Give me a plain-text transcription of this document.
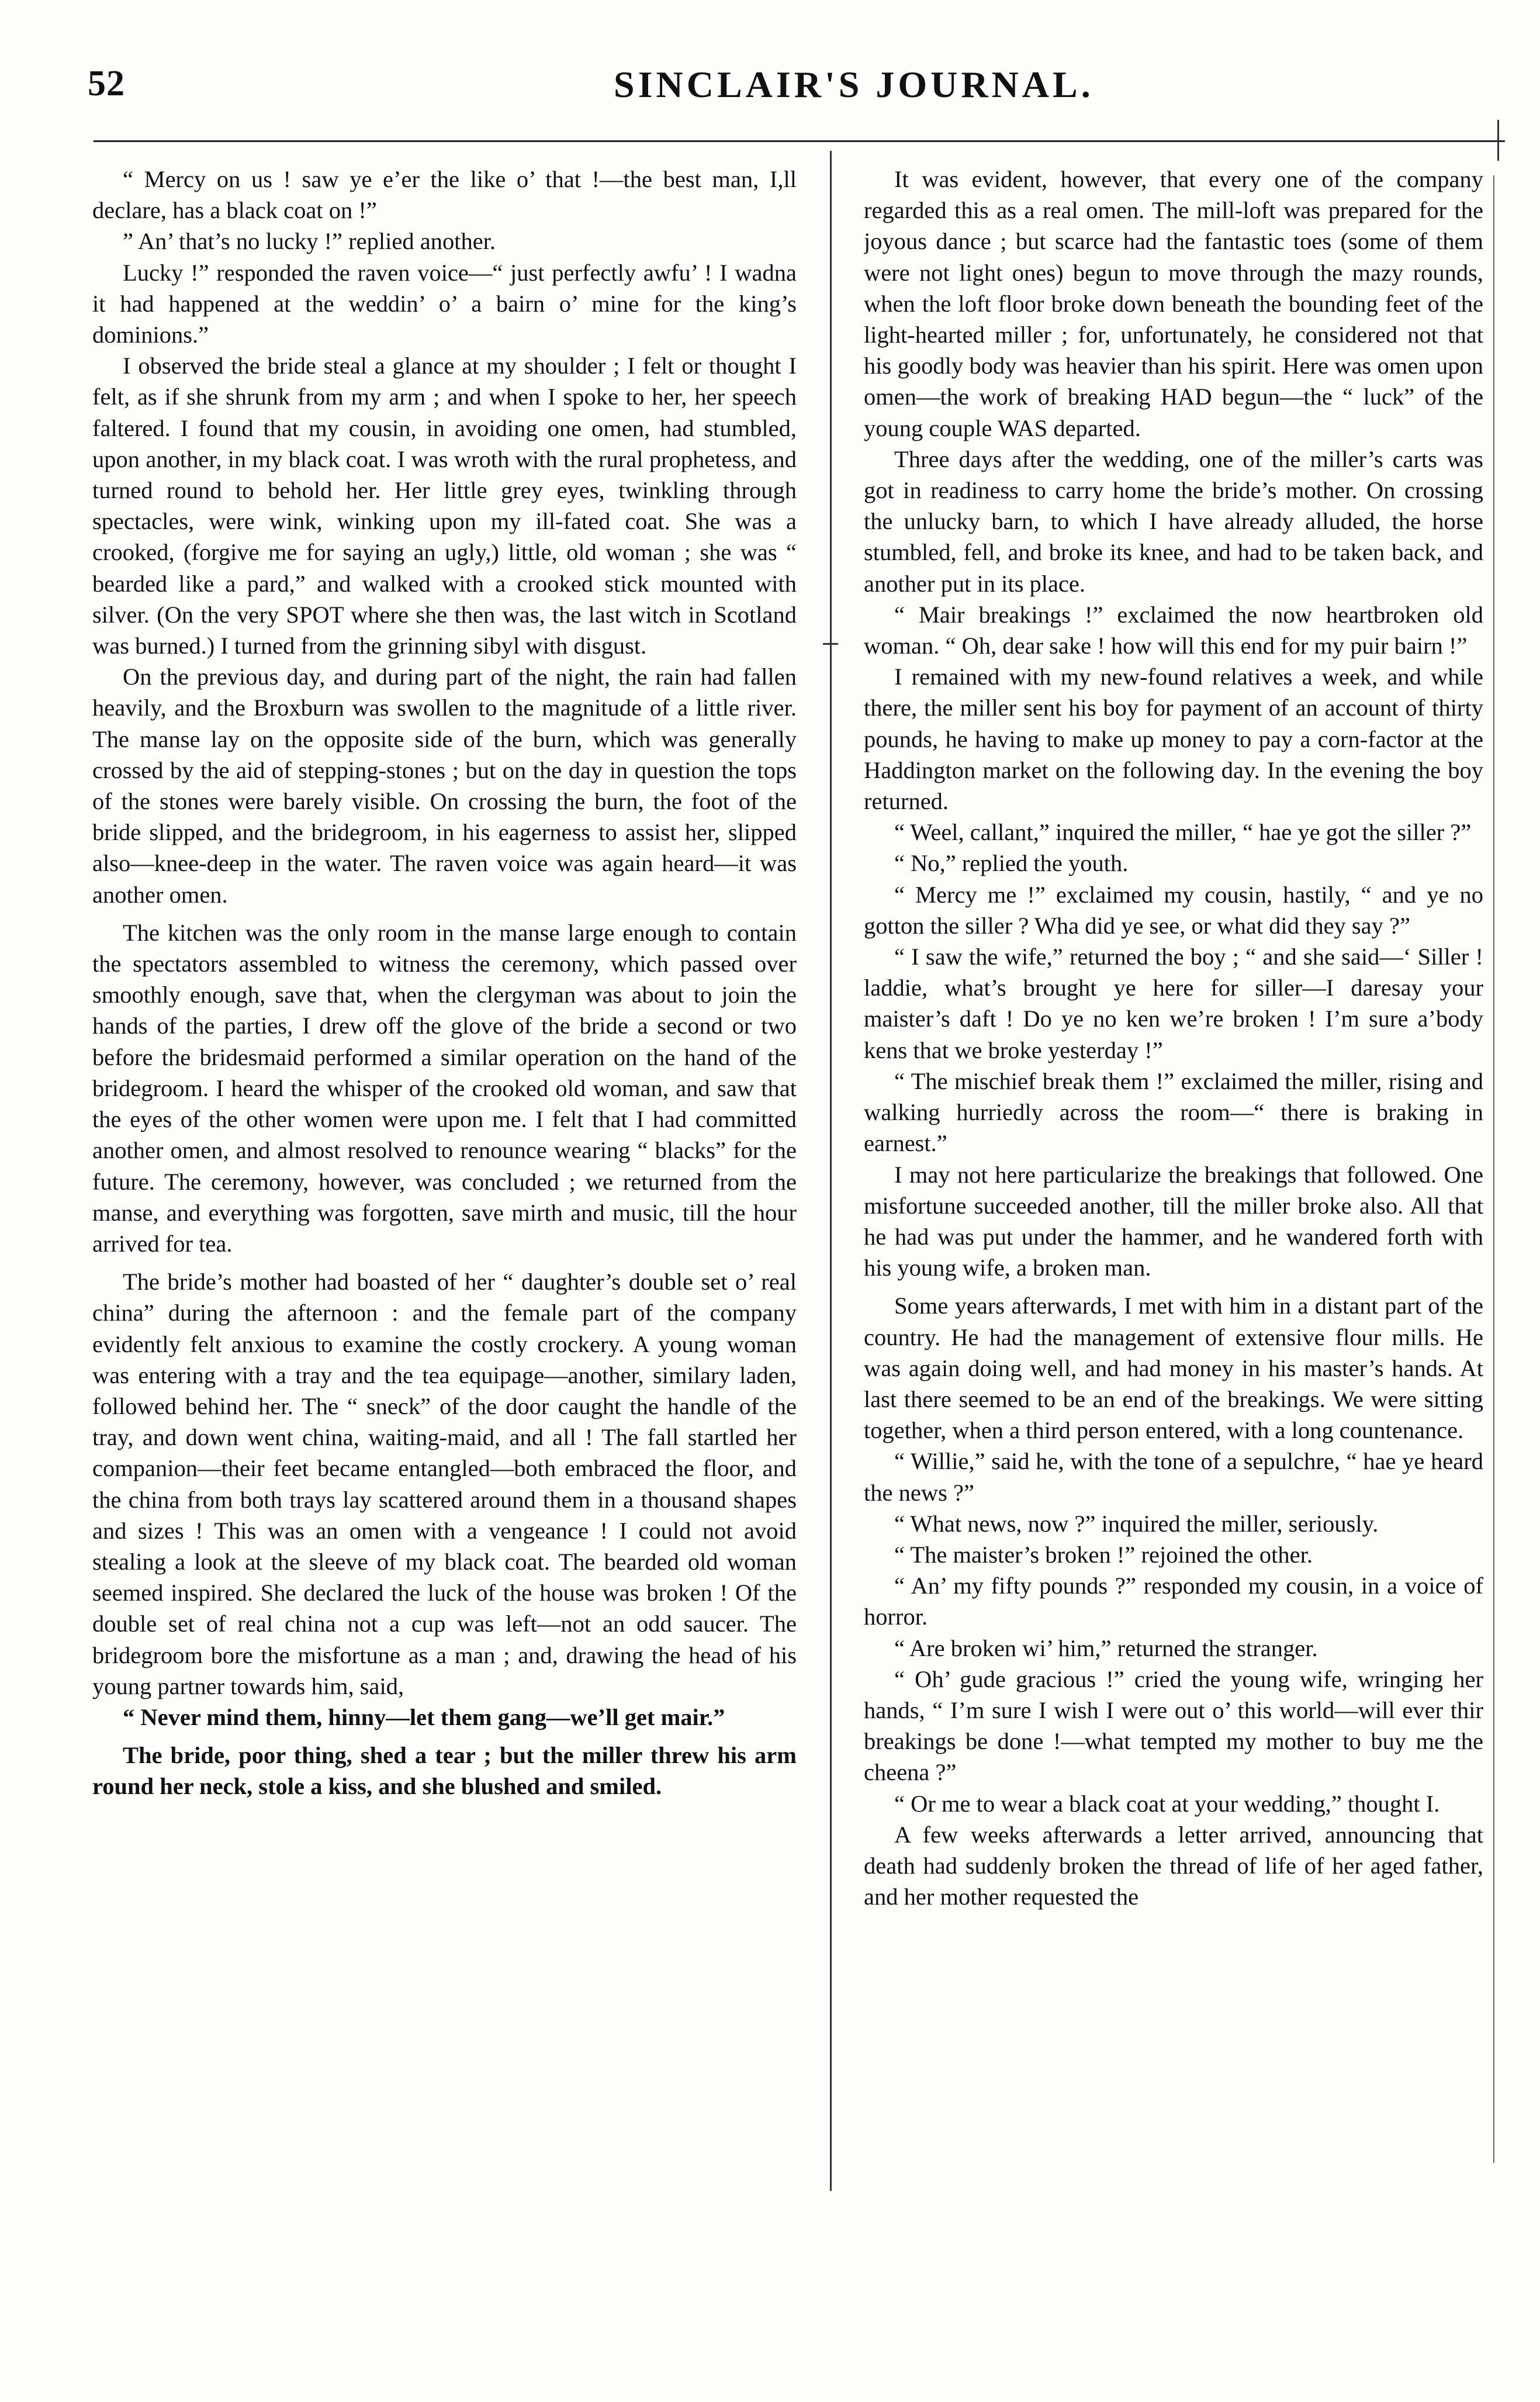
52	SINCLAIR'S JOURNAL.

“ Mercy on us ! saw ye e’er the like o’ that !—the best man, I,ll declare, has a black coat on !”

” An’ that’s no lucky !” replied another.

Lucky !” responded the raven voice—“ just perfectly awfu’ ! I wadna it had happened at the weddin’ o’ a bairn o’ mine for the king’s dominions.”

I observed the bride steal a glance at my shoulder ; I felt or thought I felt, as if she shrunk from my arm ; and when I spoke to her, her speech faltered. I found that my cousin, in avoiding one omen, had stumbled, upon another, in my black coat. I was wroth with the rural prophetess, and turned round to behold her. Her little grey eyes, twinkling through spectacles, were wink, winking upon my ill-fated coat. She was a crooked, (forgive me for saying an ugly,) little, old woman ; she was “ bearded like a pard,” and walked with a crooked stick mounted with silver. (On the very SPOT where she then was, the last witch in Scotland was burned.) I turned from the grinning sibyl with disgust.

On the previous day, and during part of the night, the rain had fallen heavily, and the Broxburn was swollen to the magnitude of a little river. The manse lay on the opposite side of the burn, which was generally crossed by the aid of stepping-stones ; but on the day in question the tops of the stones were barely visible. On crossing the burn, the foot of the bride slipped, and the bridegroom, in his eagerness to assist her, slipped also—knee-deep in the water. The raven voice was again heard—it was another omen.

The kitchen was the only room in the manse large enough to contain the spectators assembled to witness the ceremony, which passed over smoothly enough, save that, when the clergyman was about to join the hands of the parties, I drew off the glove of the bride a second or two before the bridesmaid performed a similar operation on the hand of the bridegroom. I heard the whisper of the crooked old woman, and saw that the eyes of the other women were upon me. I felt that I had committed another omen, and almost resolved to renounce wearing “ blacks” for the future. The ceremony, however, was concluded ; we returned from the manse, and everything was forgotten, save mirth and music, till the hour arrived for tea.

The bride’s mother had boasted of her “ daughter’s double set o’ real china” during the afternoon : and the female part of the company evidently felt anxious to examine the costly crockery. A young woman was entering with a tray and the tea equipage—another, similary laden, followed behind her. The “ sneck” of the door caught the handle of the tray, and down went china, waiting-maid, and all ! The fall startled her companion—their feet became entangled—both embraced the floor, and the china from both trays lay scattered around them in a thousand shapes and sizes ! This was an omen with a vengeance ! I could not avoid stealing a look at the sleeve of my black coat. The bearded old woman seemed inspired. She declared the luck of the house was broken ! Of the double set of real china not a cup was left—not an odd saucer. The bridegroom bore the misfortune as a man ; and, drawing the head of his young partner towards him, said,

“ Never mind them, hinny—let them gang—we’ll get mair.”

The bride, poor thing, shed a tear ; but the miller threw his arm round her neck, stole a kiss, and she blushed and smiled.

It was evident, however, that every one of the company regarded this as a real omen. The mill-loft was prepared for the joyous dance ; but scarce had the fantastic toes (some of them were not light ones) begun to move through the mazy rounds, when the loft floor broke down beneath the bounding feet of the light-hearted miller ; for, unfortunately, he considered not that his goodly body was heavier than his spirit. Here was omen upon omen—the work of breaking HAD begun—the “ luck” of the young couple WAS departed.

Three days after the wedding, one of the miller’s carts was got in readiness to carry home the bride’s mother. On crossing the unlucky barn, to which I have already alluded, the horse stumbled, fell, and broke its knee, and had to be taken back, and another put in its place.

“ Mair breakings !” exclaimed the now heartbroken old woman. “ Oh, dear sake ! how will this end for my puir bairn !”

I remained with my new-found relatives a week, and while there, the miller sent his boy for payment of an account of thirty pounds, he having to make up money to pay a corn-factor at the Haddington market on the following day. In the evening the boy returned.

“ Weel, callant,” inquired the miller, “ hae ye got the siller ?”

“ No,” replied the youth.

“ Mercy me !” exclaimed my cousin, hastily, “ and ye no gotton the siller ? Wha did ye see, or what did they say ?”

“ I saw the wife,” returned the boy ; “ and she said—‘ Siller ! laddie, what’s brought ye here for siller—I daresay your maister’s daft ! Do ye no ken we’re broken ! I’m sure a’body kens that we broke yesterday !”

“ The mischief break them !” exclaimed the miller, rising and walking hurriedly across the room—“ there is braking in earnest.”

I may not here particularize the breakings that followed. One misfortune succeeded another, till the miller broke also. All that he had was put under the hammer, and he wandered forth with his young wife, a broken man.

Some years afterwards, I met with him in a distant part of the country. He had the management of extensive flour mills. He was again doing well, and had money in his master’s hands. At last there seemed to be an end of the breakings. We were sitting together, when a third person entered, with a long countenance.

“ Willie,” said he, with the tone of a sepulchre, “ hae ye heard the news ?”

“ What news, now ?” inquired the miller, seriously.

“ The maister’s broken !” rejoined the other.

“ An’ my fifty pounds ?” responded my cousin, in a voice of horror.

“ Are broken wi’ him,” returned the stranger.

“ Oh’ gude gracious !” cried the young wife, wringing her hands, “ I’m sure I wish I were out o’ this world—will ever thir breakings be done !—what tempted my mother to buy me the cheena ?”

“ Or me to wear a black coat at your wedding,” thought I.

A few weeks afterwards a letter arrived, announcing that death had suddenly broken the thread of life of her aged father, and her mother requested the
